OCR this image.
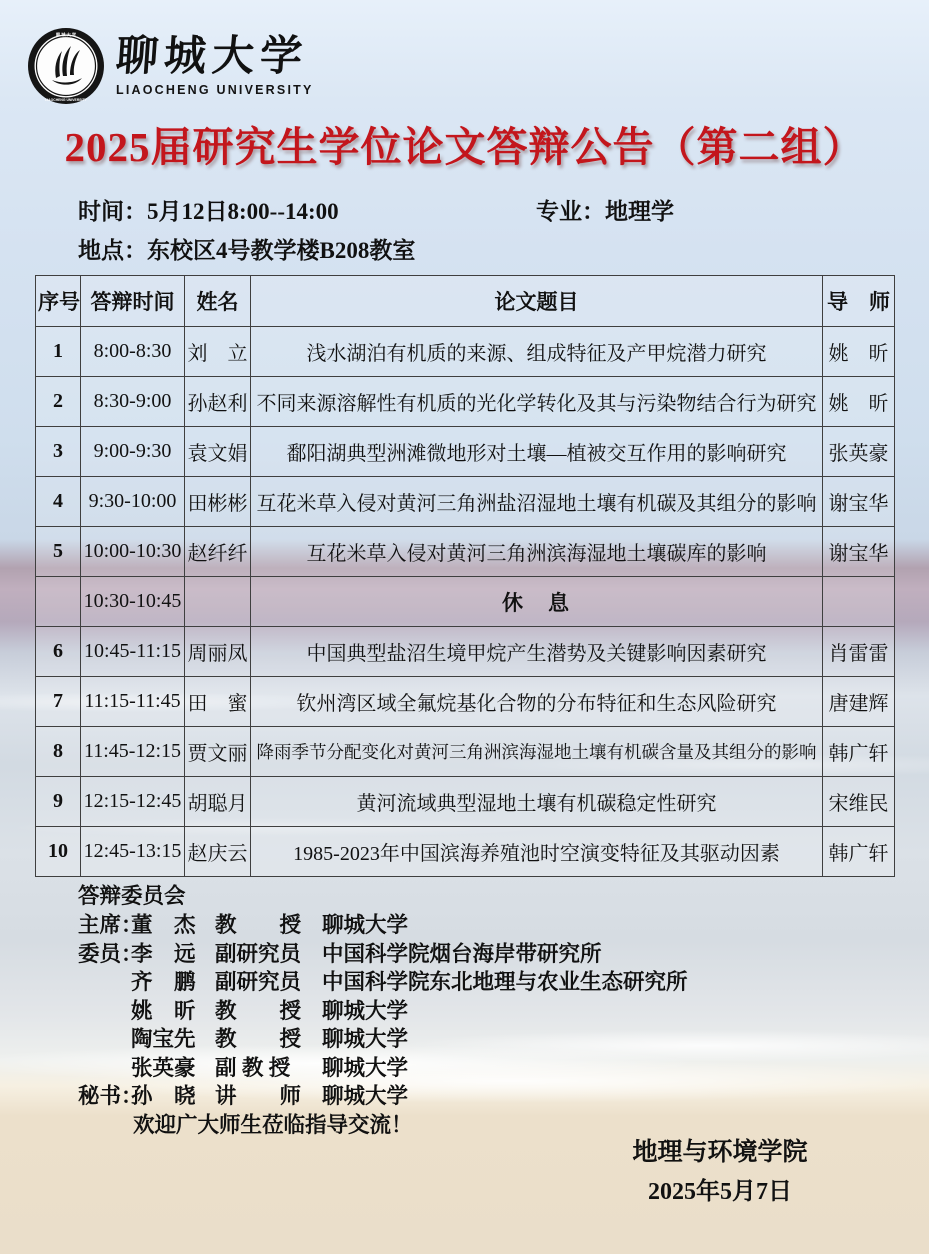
聊 城 大 学
LIAOCHENG UNIVERSITY
聊城大学
LIAOCHENG UNIVERSITY
2025届研究生学位论文答辩公告（第二组）
时间：5月12日8:00--14:00	专业：地理学
地点：东校区4号教学楼B208教室
序号	答辩时间	姓名	论文题目	导　师
1	8:00-8:30	刘　立	浅水湖泊有机质的来源、组成特征及产甲烷潜力研究	姚　昕
2	8:30-9:00	孙赵利	不同来源溶解性有机质的光化学转化及其与污染物结合行为研究	姚　昕
3	9:00-9:30	袁文娟	鄱阳湖典型洲滩微地形对土壤—植被交互作用的影响研究	张英豪
4	9:30-10:00	田彬彬	互花米草入侵对黄河三角洲盐沼湿地土壤有机碳及其组分的影响	谢宝华
5	10:00-10:30	赵纤纤	互花米草入侵对黄河三角洲滨海湿地土壤碳库的影响	谢宝华
	10:30-10:45		休　息	
6	10:45-11:15	周丽凤	中国典型盐沼生境甲烷产生潜势及关键影响因素研究	肖雷雷
7	11:15-11:45	田　蜜	钦州湾区域全氟烷基化合物的分布特征和生态风险研究	唐建辉
8	11:45-12:15	贾文丽	降雨季节分配变化对黄河三角洲滨海湿地土壤有机碳含量及其组分的影响	韩广轩
9	12:15-12:45	胡聪月	黄河流域典型湿地土壤有机碳稳定性研究	宋维民
10	12:45-13:15	赵庆云	1985-2023年中国滨海养殖池时空演变特征及其驱动因素	韩广轩
答辩委员会
主席：
董　杰 教　　授 聊城大学
委员：
李　远 副研究员 中国科学院烟台海岸带研究所
齐　鹏 副研究员 中国科学院东北地理与农业生态研究所
姚　昕 教　　授 聊城大学
陶宝先 教　　授 聊城大学
张英豪 副 教 授	聊城大学
秘书：
孙　晓 讲　　师 聊城大学
欢迎广大师生莅临指导交流！
地理与环境学院
2025年5月7日
